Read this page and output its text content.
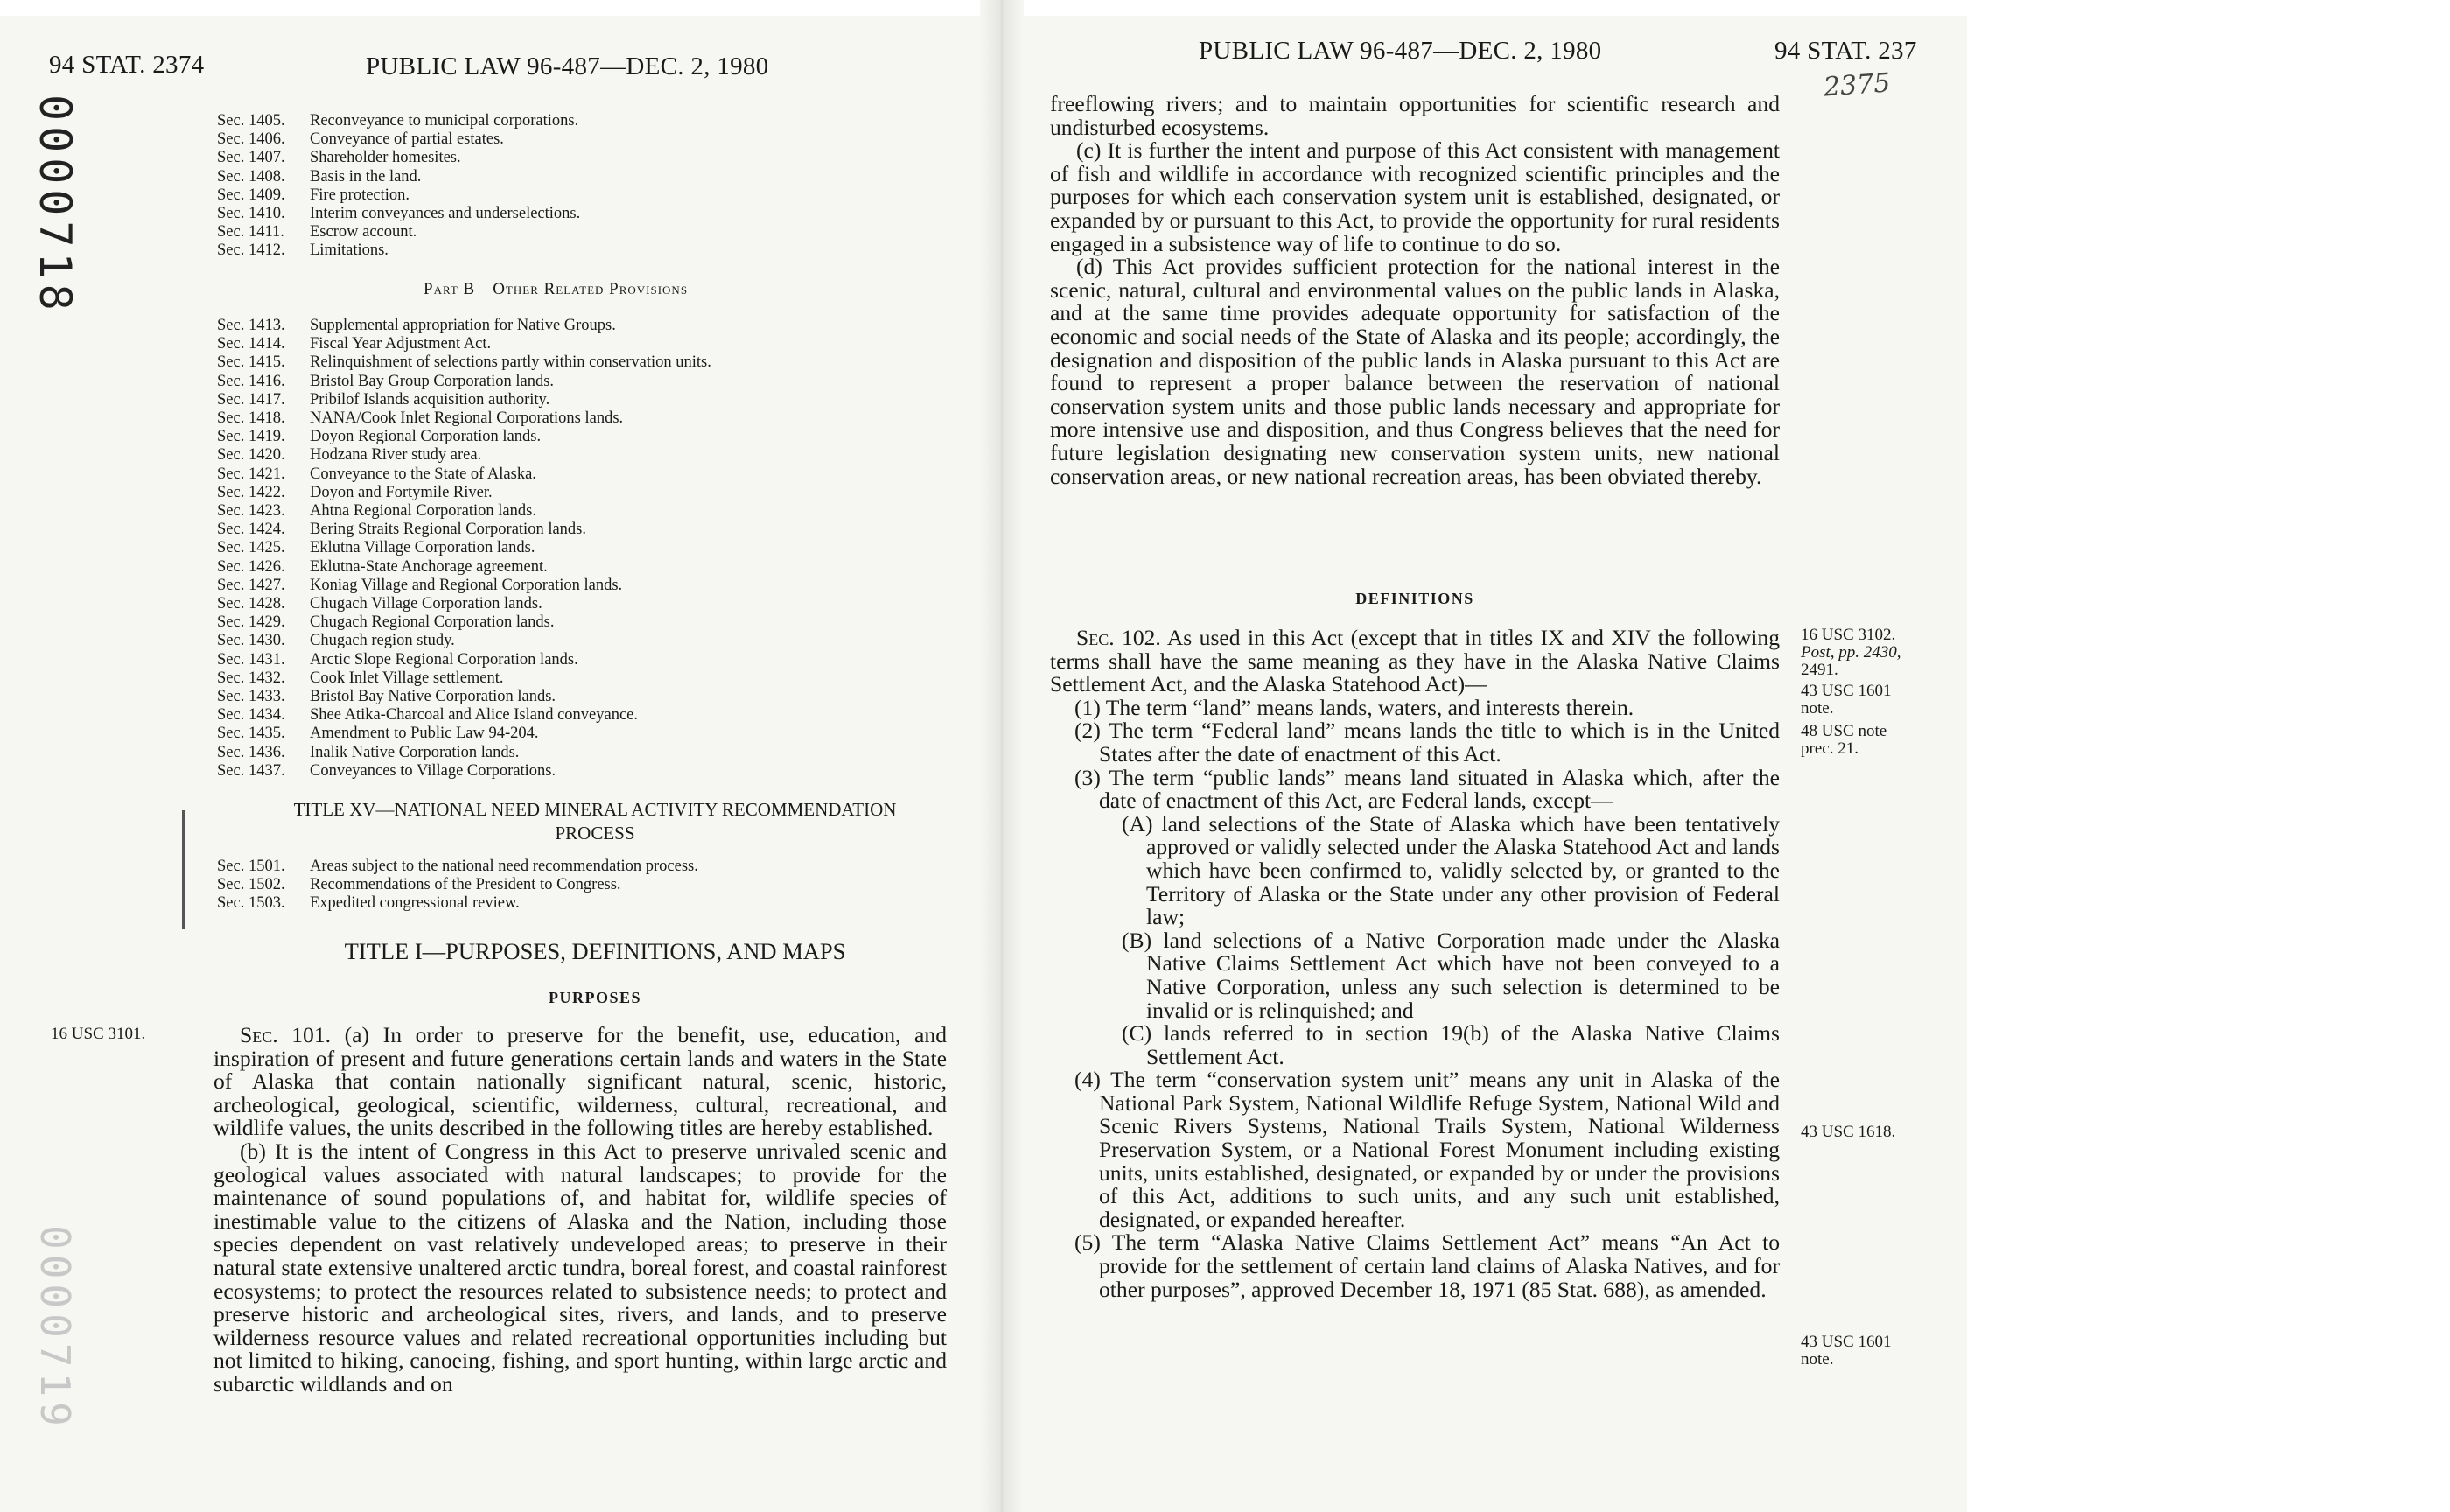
94 STAT. 2374	PUBLIC LAW 96-487—DEC. 2, 1980
0000718
0000719
Sec. 1405. Reconveyance to municipal corporations.
Sec. 1406. Conveyance of partial estates.
Sec. 1407. Shareholder homesites.
Sec. 1408. Basis in the land.
Sec. 1409. Fire protection.
Sec. 1410. Interim conveyances and underselections.
Sec. 1411. Escrow account.
Sec. 1412. Limitations.
Part B—Other Related Provisions
Sec. 1413. Supplemental appropriation for Native Groups.
Sec. 1414. Fiscal Year Adjustment Act.
Sec. 1415. Relinquishment of selections partly within conservation units.
Sec. 1416. Bristol Bay Group Corporation lands.
Sec. 1417. Pribilof Islands acquisition authority.
Sec. 1418. NANA/Cook Inlet Regional Corporations lands.
Sec. 1419. Doyon Regional Corporation lands.
Sec. 1420. Hodzana River study area.
Sec. 1421. Conveyance to the State of Alaska.
Sec. 1422. Doyon and Fortymile River.
Sec. 1423. Ahtna Regional Corporation lands.
Sec. 1424. Bering Straits Regional Corporation lands.
Sec. 1425. Eklutna Village Corporation lands.
Sec. 1426. Eklutna-State Anchorage agreement.
Sec. 1427. Koniag Village and Regional Corporation lands.
Sec. 1428. Chugach Village Corporation lands.
Sec. 1429. Chugach Regional Corporation lands.
Sec. 1430. Chugach region study.
Sec. 1431. Arctic Slope Regional Corporation lands.
Sec. 1432. Cook Inlet Village settlement.
Sec. 1433. Bristol Bay Native Corporation lands.
Sec. 1434. Shee Atika-Charcoal and Alice Island conveyance.
Sec. 1435. Amendment to Public Law 94-204.
Sec. 1436. Inalik Native Corporation lands.
Sec. 1437. Conveyances to Village Corporations.
TITLE XV—NATIONAL NEED MINERAL ACTIVITY RECOMMENDATION
PROCESS
Sec. 1501. Areas subject to the national need recommendation process.
Sec. 1502. Recommendations of the President to Congress.
Sec. 1503. Expedited congressional review.
TITLE I—PURPOSES, DEFINITIONS, AND MAPS
PURPOSES
16 USC 3101.	Sec. 101. (a) In order to preserve for the benefit, use, education, and inspiration of present and future generations certain lands and waters in the State of Alaska that contain nationally significant natural, scenic, historic, archeological, geological, scientific, wilderness, cultural, recreational, and wildlife values, the units described in the following titles are hereby established.

(b) It is the intent of Congress in this Act to preserve unrivaled scenic and geological values associated with natural landscapes; to provide for the maintenance of sound populations of, and habitat for, wildlife species of inestimable value to the citizens of Alaska and the Nation, including those species dependent on vast relatively undeveloped areas; to preserve in their natural state extensive unaltered arctic tundra, boreal forest, and coastal rainforest ecosystems; to protect the resources related to subsistence needs; to protect and preserve historic and archeological sites, rivers, and lands, and to preserve wilderness resource values and related recreational opportunities including but not limited to hiking, canoeing, fishing, and sport hunting, within large arctic and subarctic wildlands and on

PUBLIC LAW 96-487—DEC. 2, 1980	94 STAT. 237
2375

freeflowing rivers; and to maintain opportunities for scientific research and undisturbed ecosystems.

(c) It is further the intent and purpose of this Act consistent with management of fish and wildlife in accordance with recognized scientific principles and the purposes for which each conservation system unit is established, designated, or expanded by or pursuant to this Act, to provide the opportunity for rural residents engaged in a subsistence way of life to continue to do so.

(d) This Act provides sufficient protection for the national interest in the scenic, natural, cultural and environmental values on the public lands in Alaska, and at the same time provides adequate opportunity for satisfaction of the economic and social needs of the State of Alaska and its people; accordingly, the designation and disposition of the public lands in Alaska pursuant to this Act are found to represent a proper balance between the reservation of national conservation system units and those public lands necessary and appropriate for more intensive use and disposition, and thus Congress believes that the need for future legislation designating new conservation system units, new national conservation areas, or new national recreation areas, has been obviated thereby.

DEFINITIONS

Sec. 102. As used in this Act (except that in titles IX and XIV the following terms shall have the same meaning as they have in the Alaska Native Claims Settlement Act, and the Alaska Statehood Act)—

(1) The term “land” means lands, waters, and interests therein.

(2) The term “Federal land” means lands the title to which is in the United States after the date of enactment of this Act.

(3) The term “public lands” means land situated in Alaska which, after the date of enactment of this Act, are Federal lands, except—

(A) land selections of the State of Alaska which have been tentatively approved or validly selected under the Alaska Statehood Act and lands which have been confirmed to, validly selected by, or granted to the Territory of Alaska or the State under any other provision of Federal law;

(B) land selections of a Native Corporation made under the Alaska Native Claims Settlement Act which have not been conveyed to a Native Corporation, unless any such selection is determined to be invalid or is relinquished; and

(C) lands referred to in section 19(b) of the Alaska Native Claims Settlement Act.

(4) The term “conservation system unit” means any unit in Alaska of the National Park System, National Wildlife Refuge System, National Wild and Scenic Rivers Systems, National Trails System, National Wilderness Preservation System, or a National Forest Monument including existing units, units established, designated, or expanded by or under the provisions of this Act, additions to such units, and any such unit established, designated, or expanded hereafter.

(5) The term “Alaska Native Claims Settlement Act” means “An Act to provide for the settlement of certain land claims of Alaska Natives, and for other purposes”, approved December 18, 1971 (85 Stat. 688), as amended.

16 USC 3102.
Post, pp. 2430,
2491.
43 USC 1601
note.
48 USC note
prec. 21.
43 USC 1618.
43 USC 1601
note.
